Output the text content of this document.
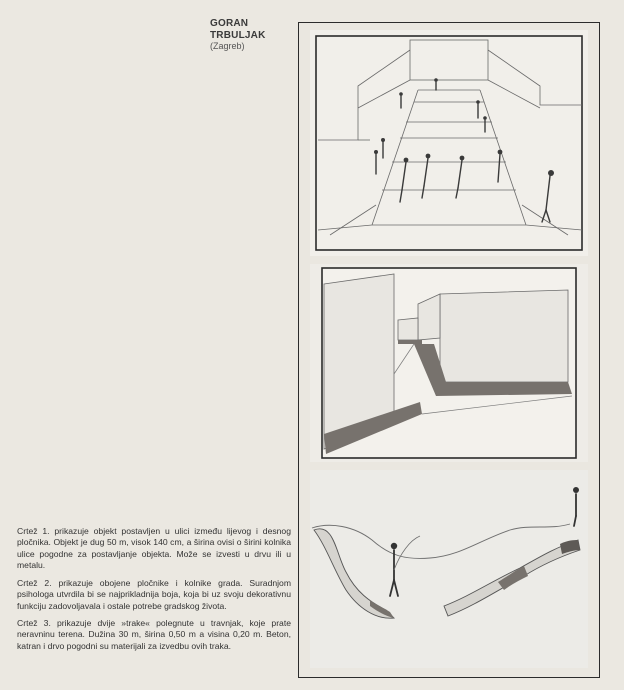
GORAN TRBULJAK
(Zagreb)

Crtež 1. prikazuje objekt postavljen u ulici između lijevog i desnog pločnika. Objekt je dug 50 m, visok 140 cm, a širina ovisi o širini kolnika ulice pogodne za postavljanje objekta. Može se izvesti u drvu ili u metalu.

Crtež 2. prikazuje obojene pločnike i kolnike grada. Suradnjom psihologa utvrdila bi se najprikladnija boja, koja bi uz svoju dekorativnu funkciju zadovoljavala i ostale potrebe gradskog života.

Crtež 3. prikazuje dvije »trake« polegnute u travnjak, koje prate neravninu terena. Dužina 30 m, širina 0,50 m a visina 0,20 m. Beton, katran i drvo pogodni su materijali za izvedbu ovih traka.
